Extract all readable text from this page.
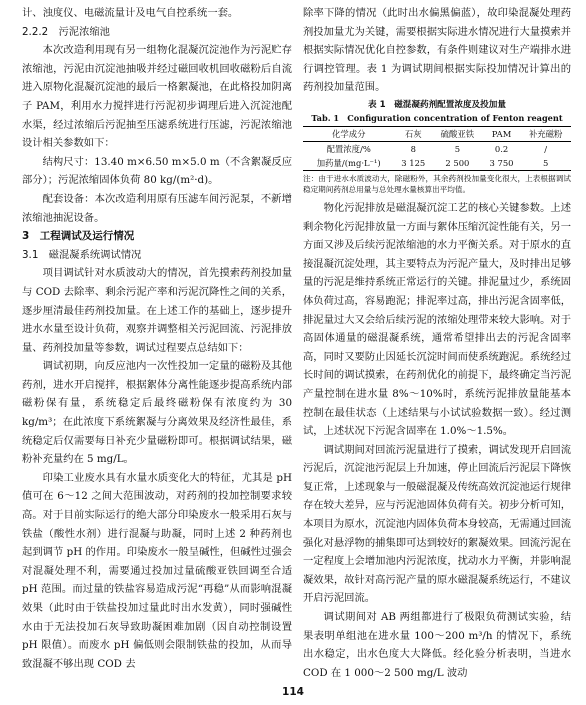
计、浊度仪、电磁流量计及电气自控系统一套。

2.2.2　污泥浓缩池

本次改造利用现有另一组物化混凝沉淀池作为污泥贮存浓缩池，污泥由沉淀池抽吸并经过磁回收机回收磁粉后自流进入原物化混凝沉淀池的最后一格絮凝池，在此格投加阴离子 PAM，利用水力搅拌进行污泥初步调理后进入沉淀池配水渠，经过浓缩后污泥抽至压滤系统进行压滤，污泥浓缩池设计相关参数如下：

结构尺寸：13.40 m×6.50 m×5.0 m（不含絮凝反应部分）；污泥浓缩固体负荷 80 kg/(m²·d)。

配套设备：本次改造利用原有压滤车间污泥泵，不新增浓缩池抽泥设备。

3　工程调试及运行情况

3.1　磁混凝系统调试情况

项目调试针对水质波动大的情况，首先摸索药剂投加量与 COD 去除率、剩余污泥产率和污泥沉降性之间的关系，逐步厘清最佳药剂投加量。在上述工作的基础上，逐步提升进水水量至设计负荷，观察并调整相关污泥回流、污泥排放量、药剂投加量等参数，调试过程要点总结如下：

调试初期，向反应池内一次性投加一定量的磁粉及其他药剂，进水开启搅拌，根据絮体分离性能逐步提高系统内部磁粉保有量，系统稳定后最终磁粉保有浓度约为 30 kg/m³；在此浓度下系统絮凝与分离效果及经济性最佳，系统稳定后仅需要每日补充少量磁粉即可。根据调试结果，磁粉补充量约在 5 mg/L。

印染工业废水具有水量水质变化大的特征，尤其是 pH 值可在 6～12 之间大范围波动，对药剂的投加控制要求较高。对于目前实际运行的绝大部分印染废水一般采用石灰与铁盐（酸性水剂）进行混凝与助凝，同时上述 2 种药剂也起到调节 pH 的作用。印染废水一般呈碱性，但碱性过强会对混凝处理不利，需要通过投加过量硫酸亚铁回调至合适 pH 范围。而过量的铁盐容易造成污泥“再稳”从而影响混凝效果（此时由于铁盐投加过量此时出水发黄），同时强碱性水由于无法投加石灰导致助凝困难加剧（因自动控制设置 pH 限值）。而废水 pH 偏低则会限制铁盐的投加，从而导致混凝不够出现 COD 去

除率下降的情况（此时出水偏黑偏蓝），故印染混凝处理药剂投加量尤为关键，需要根据实际进水情况进行大量摸索并根据实际情况优化自控参数，有条件则建议对生产端排水进行调控管理。表 1 为调试期间根据实际投加情况计算出的药剂投加量范围。

表 1　磁混凝药剂配置浓度及投加量

Tab. 1　Configuration concentration of Fenton reagent

化学成分	石灰	硫酸亚铁	PAM	补充磁粉
配置浓度/%	8	5	0.2	/
加药量/(mg·L⁻¹)	3 125	2 500	3 750	5

注：由于进水水质波动大，除磁粉外，其余药剂投加量变化很大，上表根据调试稳定期间药剂总用量与总处理水量核算出平均值。

物化污泥排放是磁混凝沉淀工艺的核心关键参数。上述剩余物化污泥排放量一方面与絮体压缩沉淀性能有关，另一方面又涉及后续污泥浓缩池的水力平衡关系。对于原水的直接混凝沉淀处理，其主要特点为污泥产量大，及时排出足够量的污泥是维持系统正常运行的关键。排泥量过少，系统固体负荷过高，容易跑泥；排泥率过高，排出污泥含固率低，排泥量过大又会给后续污泥的浓缩处理带来较大影响。对于高固体通量的磁混凝系统，通常希望排出去的污泥含固率高，同时又要防止因延长沉淀时间而使系统跑泥。系统经过长时间的调试摸索，在药剂优化的前提下，最终确定当污泥产量控制在进水量 8%～10%时，系统污泥排放量能基本控制在最佳状态（上述结果与小试试验数据一致）。经过测试，上述状况下污泥含固率在 1.0%～1.5%。

调试期间对回流污泥量进行了摸索，调试发现开启回流污泥后，沉淀池污泥层上升加速，停止回流后污泥层下降恢复正常，上述现象与一般磁混凝及传统高效沉淀池运行规律存在较大差异，应与污泥池固体负荷有关。初步分析可知，本项目为原水，沉淀池内固体负荷本身较高，无需通过回流强化对悬浮物的捕集即可达到较好的絮凝效果。回流污泥在一定程度上会增加池内污泥浓度，扰动水力平衡，并影响混凝效果，故针对高污泥产量的原水磁混凝系统运行，不建议开启污泥回流。

调试期间对 AB 两组都进行了极限负荷测试实验，结果表明单组池在进水量 100～200 m³/h 的情况下，系统出水稳定，出水色度大大降低。经化验分析表明，当进水 COD 在 1 000～2 500 mg/L 波动

114
